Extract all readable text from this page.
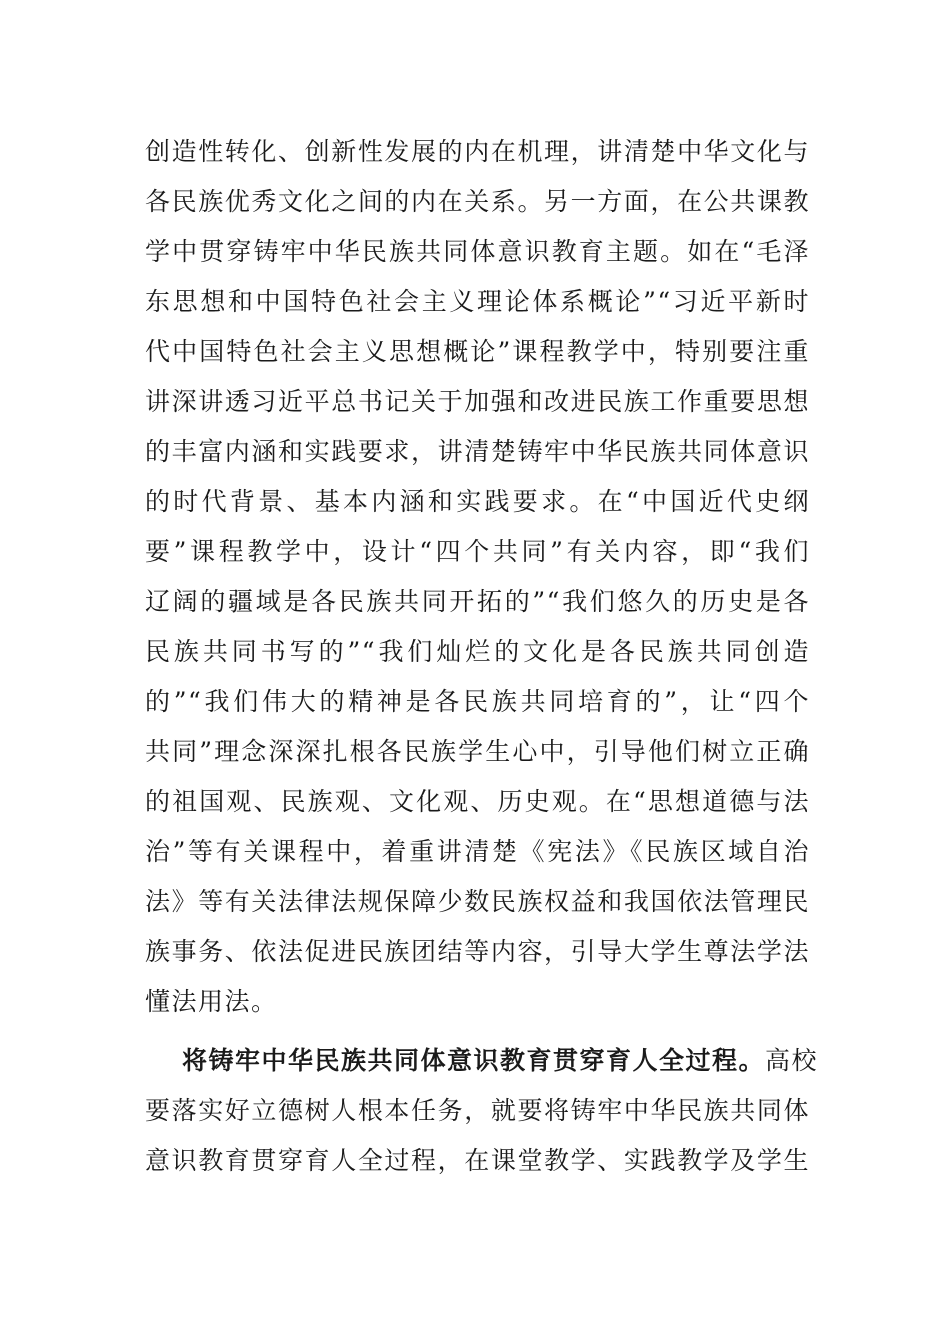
创造性转化、创新性发展的内在机理，讲清楚中华文化与
各民族优秀文化之间的内在关系。另一方面，在公共课教
学中贯穿铸牢中华民族共同体意识教育主题。如在“毛泽
东思想和中国特色社会主义理论体系概论”“习近平新时
代中国特色社会主义思想概论”课程教学中，特别要注重
讲深讲透习近平总书记关于加强和改进民族工作重要思想
的丰富内涵和实践要求，讲清楚铸牢中华民族共同体意识
的时代背景、基本内涵和实践要求。在“中国近代史纲
要”课程教学中，设计“四个共同”有关内容，即“我们
辽阔的疆域是各民族共同开拓的”“我们悠久的历史是各
民族共同书写的”“我们灿烂的文化是各民族共同创造
的”“我们伟大的精神是各民族共同培育的”，让“四个
共同”理念深深扎根各民族学生心中，引导他们树立正确
的祖国观、民族观、文化观、历史观。在“思想道德与法
治”等有关课程中，着重讲清楚《宪法》《民族区域自治
法》等有关法律法规保障少数民族权益和我国依法管理民
族事务、依法促进民族团结等内容，引导大学生尊法学法
懂法用法。
将铸牢中华民族共同体意识教育贯穿育人全过程。高校
要落实好立德树人根本任务，就要将铸牢中华民族共同体
意识教育贯穿育人全过程，在课堂教学、实践教学及学生
